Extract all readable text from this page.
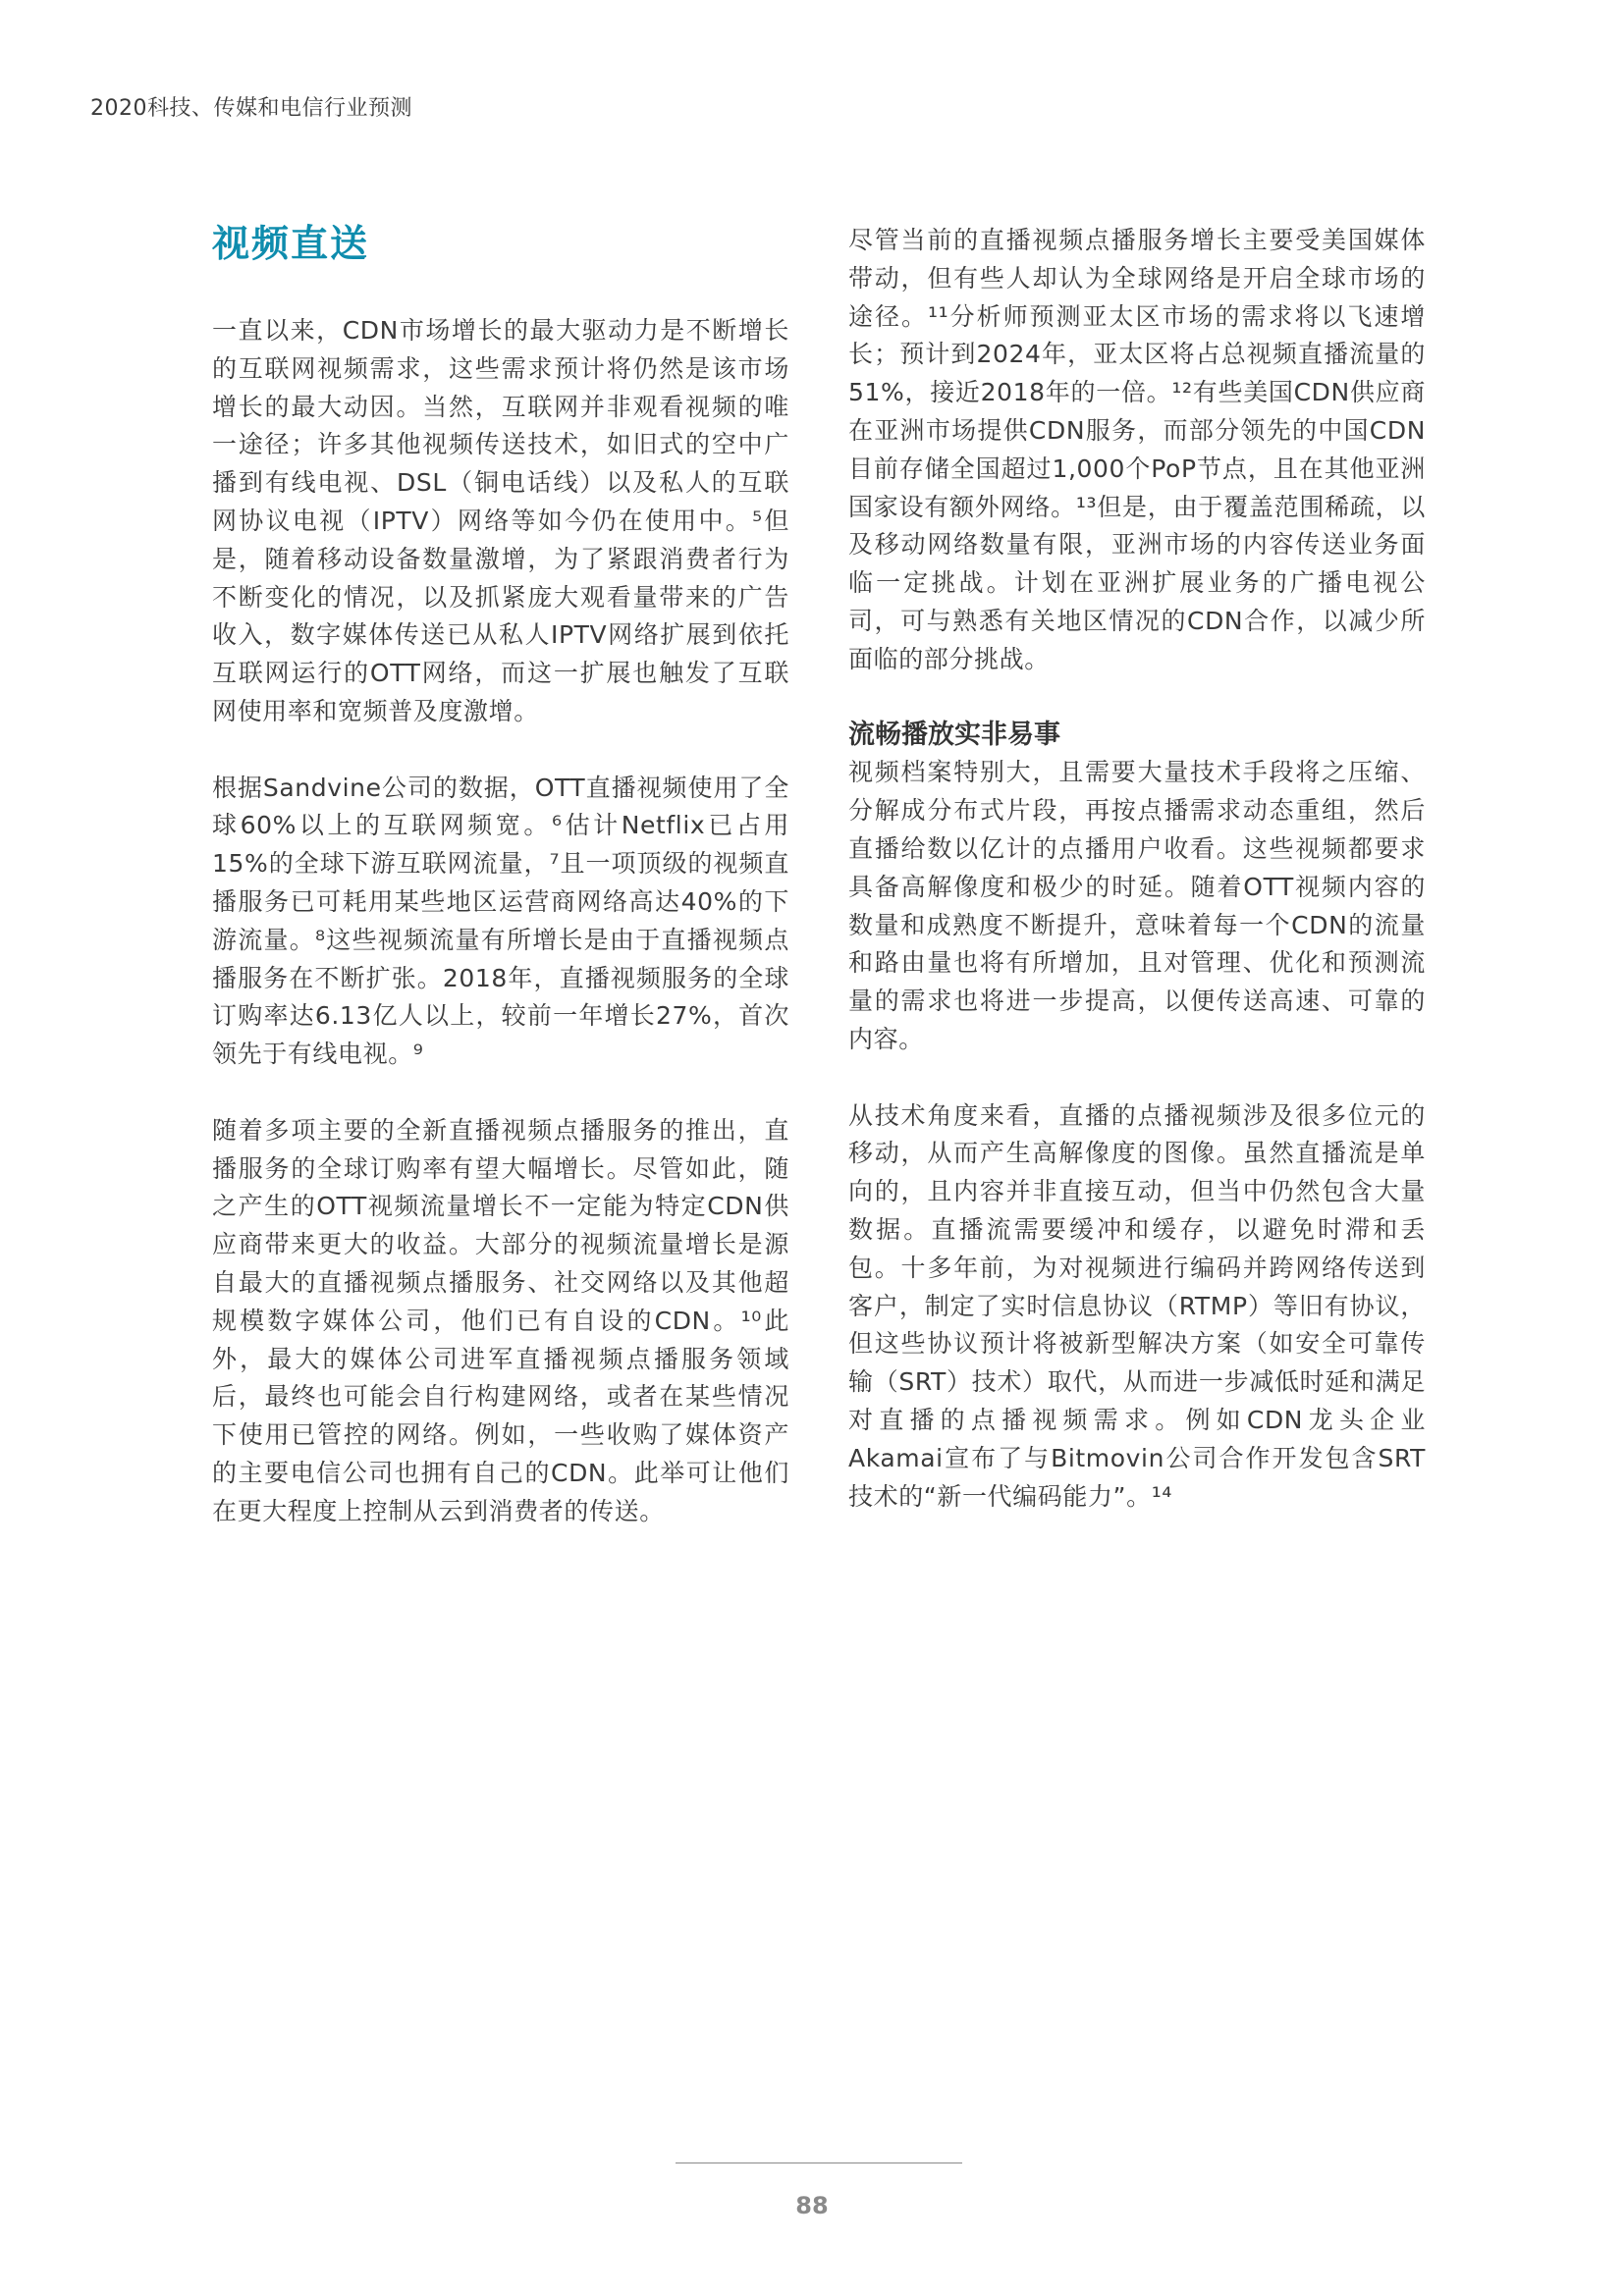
2020科技、传媒和电信行业预测
视频直送

一直以来，CDN市场增长的最大驱动力是不断增长的互联网视频需求，这些需求预计将仍然是该市场增长的最大动因。当然，互联网并非观看视频的唯一途径；许多其他视频传送技术，如旧式的空中广播到有线电视、DSL（铜电话线）以及私人的互联网协议电视（IPTV）网络等如今仍在使用中。⁵但是，随着移动设备数量激增，为了紧跟消费者行为不断变化的情况，以及抓紧庞大观看量带来的广告收入，数字媒体传送已从私人IPTV网络扩展到依托互联网运行的OTT网络，而这一扩展也触发了互联网使用率和宽频普及度激增。

根据Sandvine公司的数据，OTT直播视频使用了全球60%以上的互联网频宽。⁶估计Netflix已占用15%的全球下游互联网流量，⁷且一项顶级的视频直播服务已可耗用某些地区运营商网络高达40%的下游流量。⁸这些视频流量有所增长是由于直播视频点播服务在不断扩张。2018年，直播视频服务的全球订购率达6.13亿人以上，较前一年增长27%，首次领先于有线电视。⁹

随着多项主要的全新直播视频点播服务的推出，直播服务的全球订购率有望大幅增长。尽管如此，随之产生的OTT视频流量增长不一定能为特定CDN供应商带来更大的收益。大部分的视频流量增长是源自最大的直播视频点播服务、社交网络以及其他超规模数字媒体公司，他们已有自设的CDN。¹⁰此外，最大的媒体公司进军直播视频点播服务领域后，最终也可能会自行构建网络，或者在某些情况下使用已管控的网络。例如，一些收购了媒体资产的主要电信公司也拥有自己的CDN。此举可让他们在更大程度上控制从云到消费者的传送。

尽管当前的直播视频点播服务增长主要受美国媒体带动，但有些人却认为全球网络是开启全球市场的途径。¹¹分析师预测亚太区市场的需求将以飞速增长；预计到2024年，亚太区将占总视频直播流量的51%，接近2018年的一倍。¹²有些美国CDN供应商在亚洲市场提供CDN服务，而部分领先的中国CDN目前存储全国超过1,000个PoP节点，且在其他亚洲国家设有额外网络。¹³但是，由于覆盖范围稀疏，以及移动网络数量有限，亚洲市场的内容传送业务面临一定挑战。计划在亚洲扩展业务的广播电视公司，可与熟悉有关地区情况的CDN合作，以减少所面临的部分挑战。

流畅播放实非易事

视频档案特别大，且需要大量技术手段将之压缩、分解成分布式片段，再按点播需求动态重组，然后直播给数以亿计的点播用户收看。这些视频都要求具备高解像度和极少的时延。随着OTT视频内容的数量和成熟度不断提升，意味着每一个CDN的流量和路由量也将有所增加，且对管理、优化和预测流量的需求也将进一步提高，以便传送高速、可靠的内容。

从技术角度来看，直播的点播视频涉及很多位元的移动，从而产生高解像度的图像。虽然直播流是单向的，且内容并非直接互动，但当中仍然包含大量数据。直播流需要缓冲和缓存，以避免时滞和丢包。十多年前，为对视频进行编码并跨网络传送到客户，制定了实时信息协议（RTMP）等旧有协议，但这些协议预计将被新型解决方案（如安全可靠传输（SRT）技术）取代，从而进一步减低时延和满足对直播的点播视频需求。例如CDN龙头企业Akamai宣布了与Bitmovin公司合作开发包含SRT技术的“新一代编码能力”。¹⁴

88
